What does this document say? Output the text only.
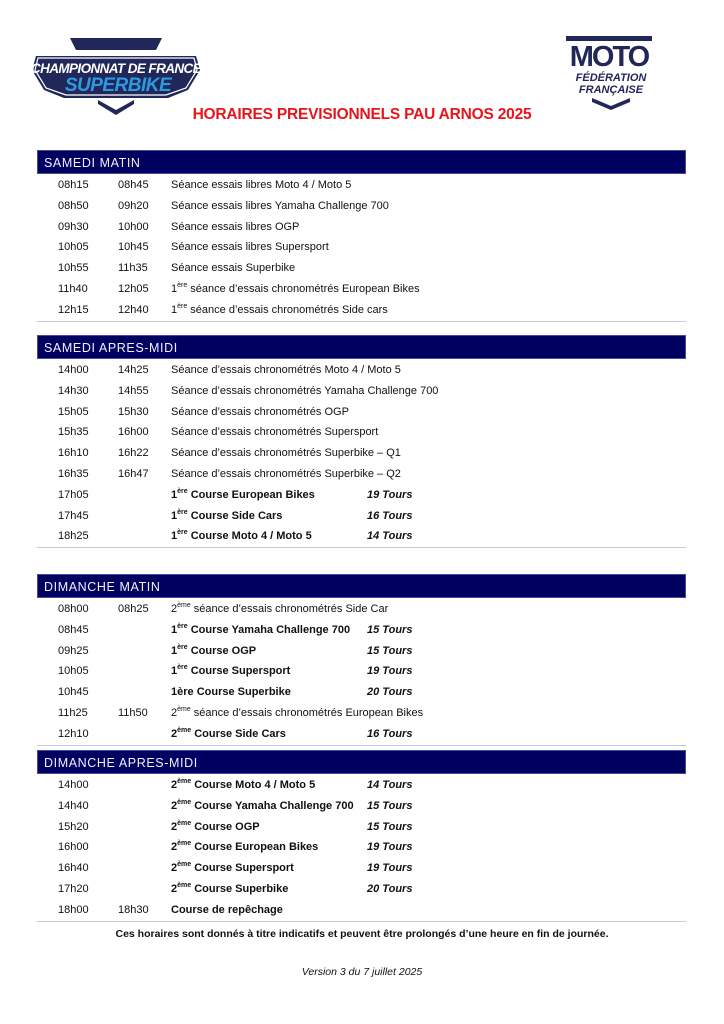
CHAMPIONNAT DE FRANCE
SUPERBIKE
MOTO
FÉDÉRATION
FRANÇAISE
HORAIRES PREVISIONNELS PAU ARNOS 2025
SAMEDI MATIN
08h15	08h45 Séance essais libres Moto 4 / Moto 5
08h50	09h20 Séance essais libres Yamaha Challenge 700
09h30	10h00 Séance essais libres OGP
10h05	10h45 Séance essais libres Supersport
10h55	11h35 Séance essais Superbike
11h40	12h05 1ère séance d’essais chronométrés European Bikes
12h15	12h40 1ère séance d’essais chronométrés Side cars
SAMEDI APRES-MIDI
14h00	14h25 Séance d’essais chronométrés Moto 4 / Moto 5
14h30	14h55 Séance d’essais chronométrés Yamaha Challenge 700
15h05	15h30 Séance d’essais chronométrés OGP
15h35	16h00 Séance d’essais chronométrés Supersport
16h10	16h22 Séance d’essais chronométrés Superbike – Q1
16h35	16h47 Séance d’essais chronométrés Superbike – Q2
17h05	1ère Course European Bikes	19 Tours
17h45	1ère Course Side Cars	16 Tours
18h25	1ère Course Moto 4 / Moto 5	14 Tours
DIMANCHE MATIN
08h00	08h25 2ème séance d’essais chronométrés Side Car
08h45	1ère Course Yamaha Challenge 700 15 Tours
09h25	1ère Course OGP	15 Tours
10h05	1ère Course Supersport	19 Tours
10h45	1ère Course Superbike	20 Tours
11h25	11h50 2ème séance d’essais chronométrés European Bikes
12h10	2ème Course Side Cars	16 Tours
DIMANCHE APRES-MIDI
14h00	2ème Course Moto 4 / Moto 5	14 Tours
14h40	2ème Course Yamaha Challenge 700 15 Tours
15h20	2ème Course OGP	15 Tours
16h00	2ème Course European Bikes	19 Tours
16h40	2ème Course Supersport	19 Tours
17h20	2ème Course Superbike	20 Tours
18h00	18h30 Course de repêchage
Ces horaires sont donnés à titre indicatifs et peuvent être prolongés d’une heure en fin de journée.
Version 3 du 7 juillet 2025
